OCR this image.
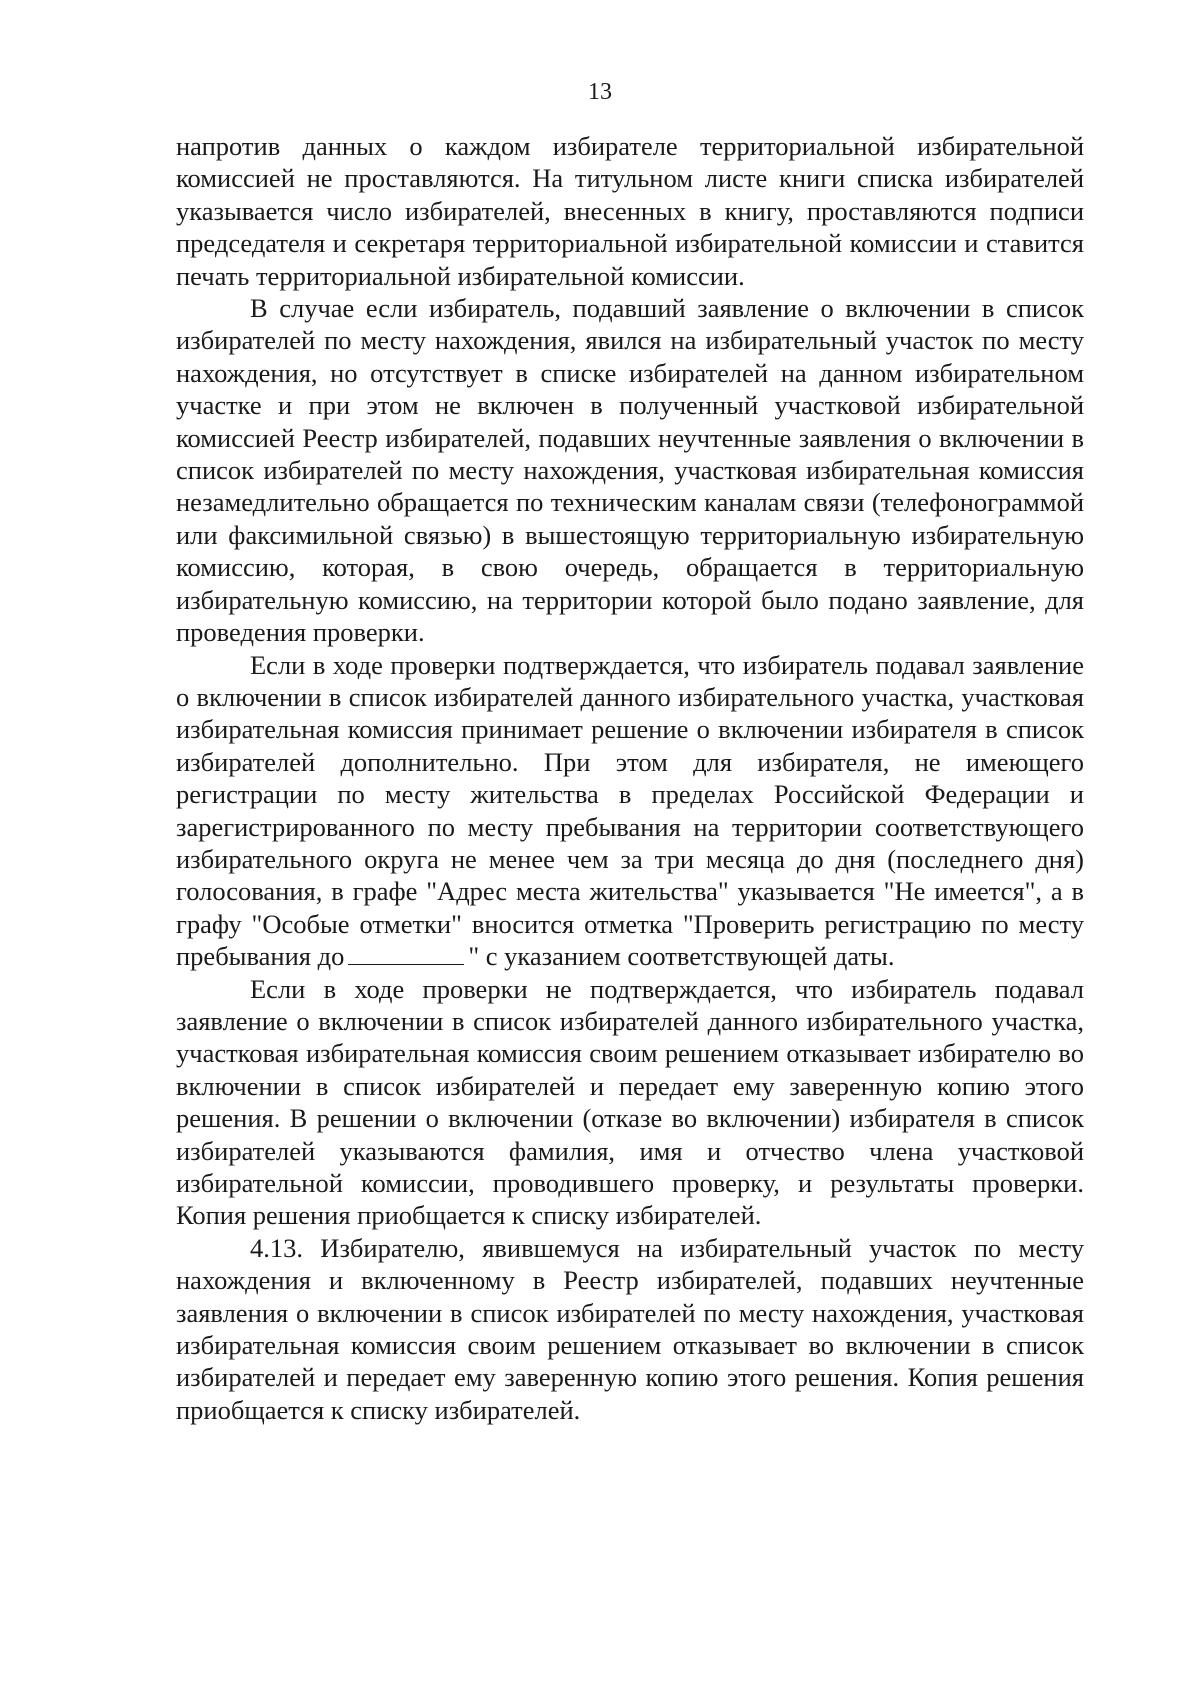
13

напротив данных о каждом избирателе территориальной избирательной комиссией не проставляются. На титульном листе книги списка избирателей указывается число избирателей, внесенных в книгу, проставляются подписи председателя и секретаря территориальной избирательной комиссии и ставится печать территориальной избирательной комиссии.

В случае если избиратель, подавший заявление о включении в список избирателей по месту нахождения, явился на избирательный участок по месту нахождения, но отсутствует в списке избирателей на данном избирательном участке и при этом не включен в полученный участковой избирательной комиссией Реестр избирателей, подавших неучтенные заявления о включении в список избирателей по месту нахождения, участковая избирательная комиссия незамедлительно обращается по техническим каналам связи (телефонограммой или факсимильной связью) в вышестоящую территориальную избирательную комиссию, которая, в свою очередь, обращается в территориальную избирательную комиссию, на территории которой было подано заявление, для проведения проверки.

Если в ходе проверки подтверждается, что избиратель подавал заявление о включении в список избирателей данного избирательного участка, участковая избирательная комиссия принимает решение о включении избирателя в список избирателей дополнительно. При этом для избирателя, не имеющего регистрации по месту жительства в пределах Российской Федерации и зарегистрированного по месту пребывания на территории соответствующего избирательного округа не менее чем за три месяца до дня (последнего дня) голосования, в графе "Адрес места жительства" указывается "Не имеется", а в графу "Особые отметки" вносится отметка "Проверить регистрацию по месту пребывания до	" с указанием соответствующей даты.

Если в ходе проверки не подтверждается, что избиратель подавал заявление о включении в список избирателей данного избирательного участка, участковая избирательная комиссия своим решением отказывает избирателю во включении в список избирателей и передает ему заверенную копию этого решения. В решении о включении (отказе во включении) избирателя в список избирателей указываются фамилия, имя и отчество члена участковой избирательной комиссии, проводившего проверку, и результаты проверки. Копия решения приобщается к списку избирателей.

4.13. Избирателю, явившемуся на избирательный участок по месту нахождения и включенному в Реестр избирателей, подавших неучтенные заявления о включении в список избирателей по месту нахождения, участковая избирательная комиссия своим решением отказывает во включении в список избирателей и передает ему заверенную копию этого решения. Копия решения приобщается к списку избирателей.
